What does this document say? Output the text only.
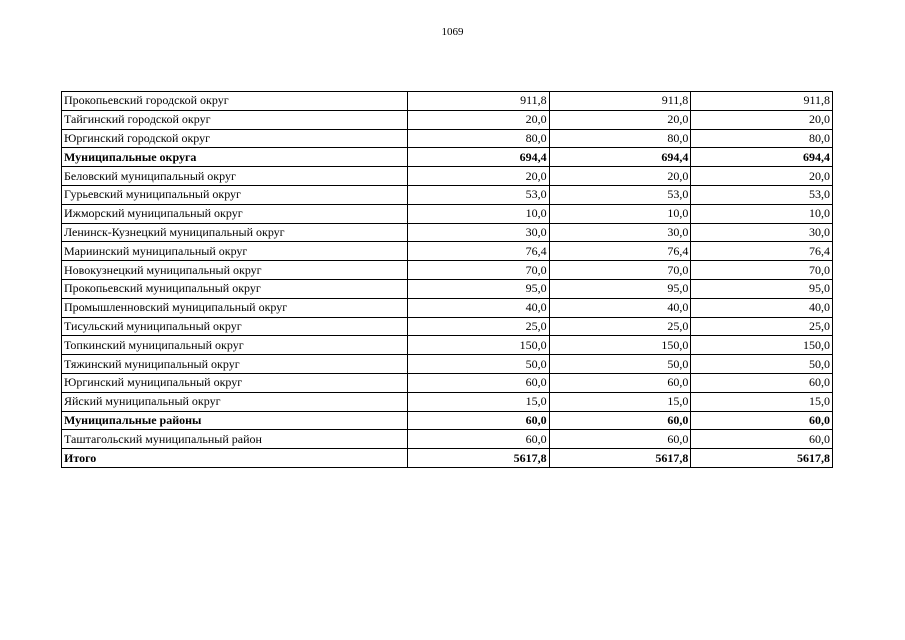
1069
Прокопьевский городской округ	911,8	911,8	911,8
Тайгинский городской округ	20,0	20,0	20,0
Юргинский городской округ	80,0	80,0	80,0
Муниципальные округа	694,4	694,4	694,4
Беловский муниципальный округ	20,0	20,0	20,0
Гурьевский муниципальный округ	53,0	53,0	53,0
Ижморский муниципальный округ	10,0	10,0	10,0
Ленинск-Кузнецкий муниципальный округ	30,0	30,0	30,0
Мариинский муниципальный округ	76,4	76,4	76,4
Новокузнецкий муниципальный округ	70,0	70,0	70,0
Прокопьевский муниципальный округ	95,0	95,0	95,0
Промышленновский муниципальный округ	40,0	40,0	40,0
Тисульский муниципальный округ	25,0	25,0	25,0
Топкинский муниципальный округ	150,0	150,0	150,0
Тяжинский муниципальный округ	50,0	50,0	50,0
Юргинский муниципальный округ	60,0	60,0	60,0
Яйский муниципальный округ	15,0	15,0	15,0
Муниципальные районы	60,0	60,0	60,0
Таштагольский муниципальный район	60,0	60,0	60,0
Итого	5617,8	5617,8	5617,8
